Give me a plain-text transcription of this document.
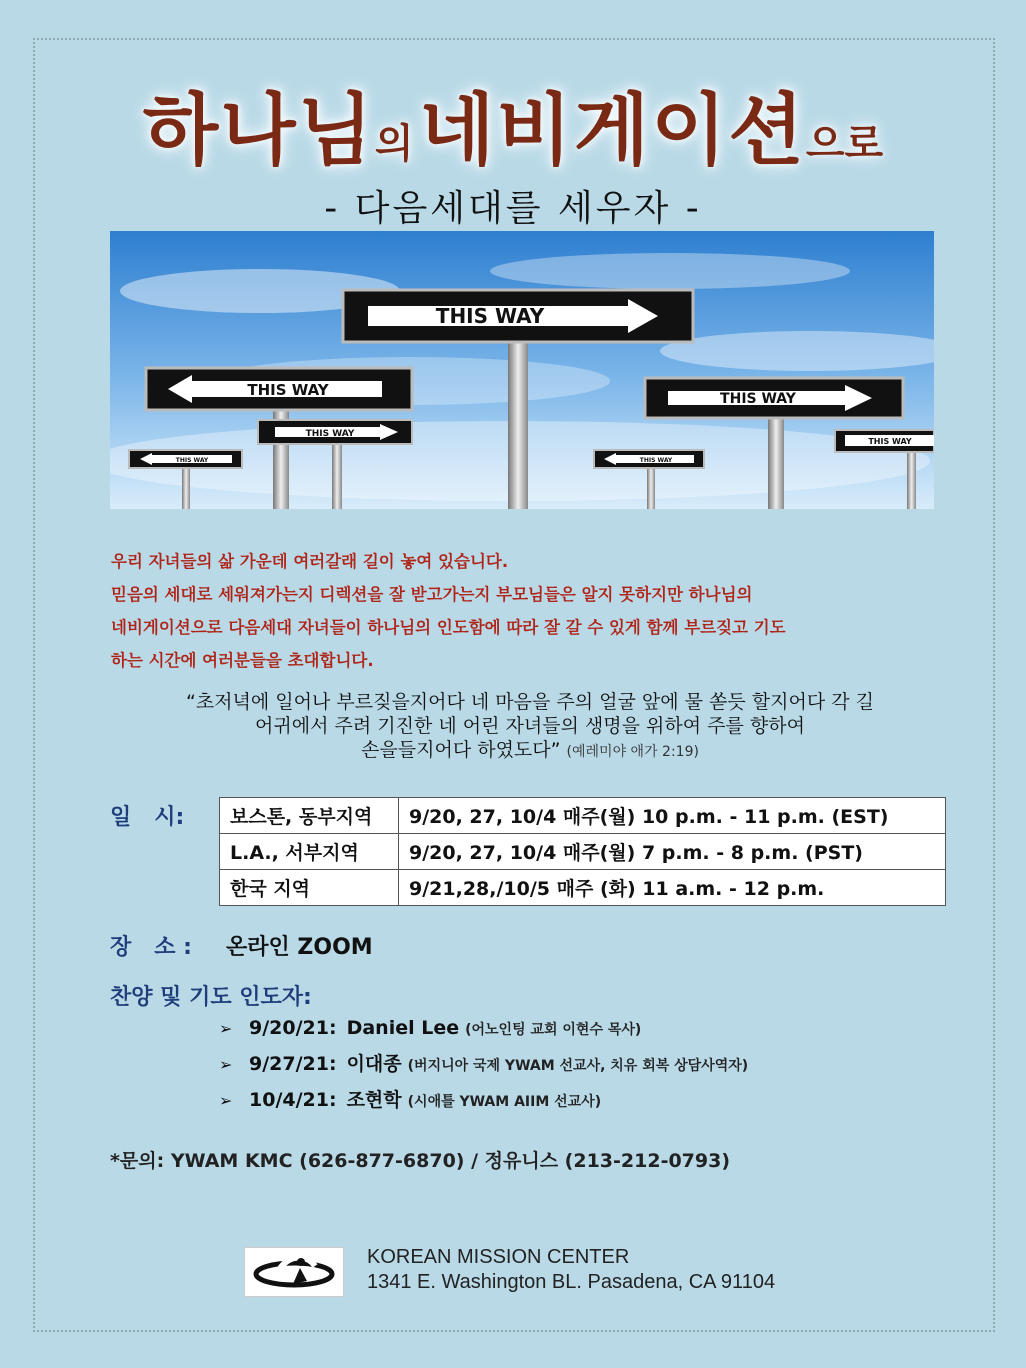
하나님의 네비게이션으로
- 다음세대를 세우자 -
THIS WAY
THIS WAY	THIS WAY
THIS WAY
THIS WAY	THIS WAY
THIS WAY
우리 자녀들의 삶 가운데 여러갈래 길이 놓여 있습니다.
믿음의 세대로 세워져가는지 디렉션을 잘 받고가는지 부모님들은 알지 못하지만 하나님의
네비게이션으로 다음세대 자녀들이 하나님의 인도함에 따라 잘 갈 수 있게 함께 부르짖고 기도
하는 시간에 여러분들을 초대합니다.
“초저녁에 일어나 부르짖을지어다 네 마음을 주의 얼굴 앞에 물 쏟듯 할지어다 각 길
어귀에서 주려 기진한 네 어린 자녀들의 생명을 위하여 주를 향하여
손을들지어다 하였도다” (예레미야 애가 2:19)
일   시: 보스톤, 동부지역	9/20, 27, 10/4 매주(월) 10 p.m. - 11 p.m. (EST)
L.A., 서부지역	9/20, 27, 10/4 매주(월) 7 p.m. - 8 p.m. (PST)
한국 지역	9/21,28,/10/5 매주 (화) 11 a.m. - 12 p.m.
장   소 : 온라인 ZOOM
찬양 및 기도 인도자:
➢ 9/20/21: Daniel Lee (어노인팅 교회 이현수 목사)
➢ 9/27/21: 이대종 (버지니아 국제 YWAM 선교사, 치유 회복 상담사역자)
➢ 10/4/21: 조현학 (시애틀 YWAM AIIM 선교사)
*문의: YWAM KMC (626-877-6870) / 정유니스 (213-212-0793)
KOREAN MISSION CENTER
1341 E. Washington BL. Pasadena, CA 91104
